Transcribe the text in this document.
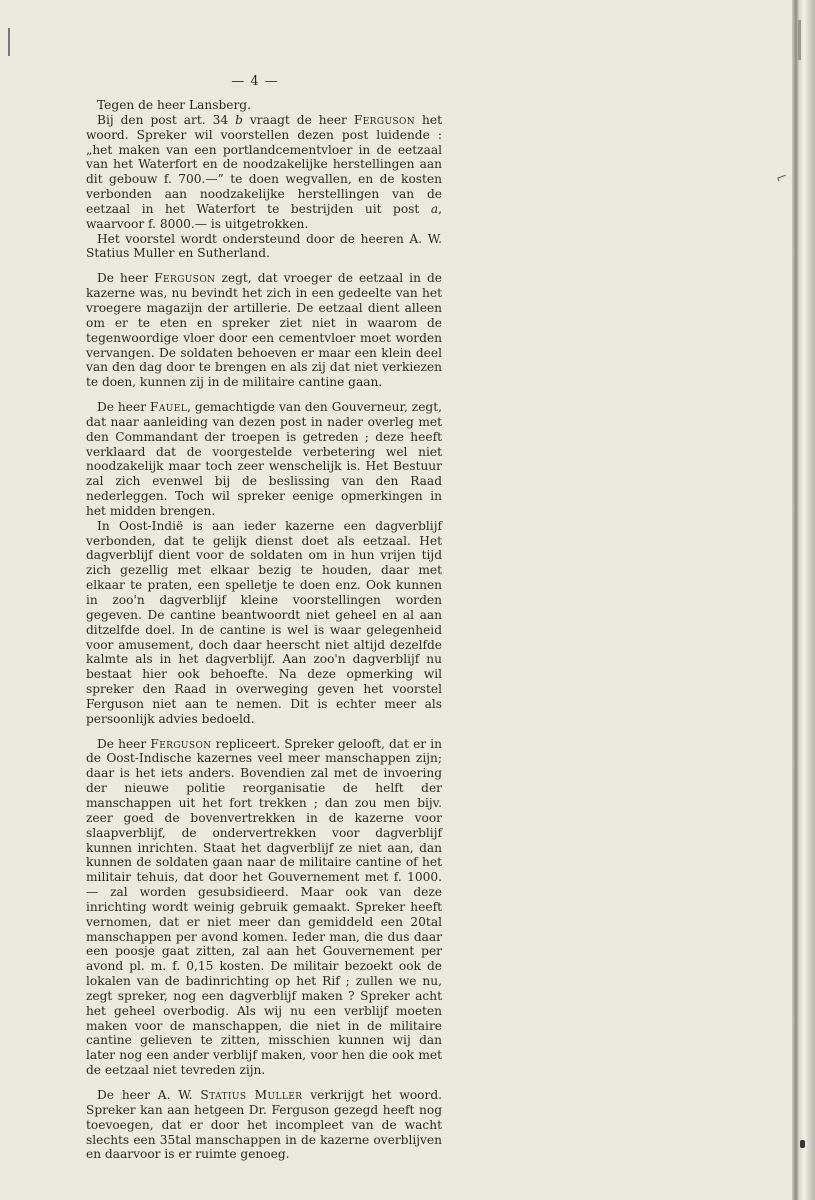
⌐
— 4 —

Tegen de heer Lansberg.

Bij den post art. 34 b vraagt de heer Ferguson het woord. Spreker wil voorstellen dezen post luidende : „het maken van een portlandcementvloer in de eetzaal van het Waterfort en de noodzakelijke herstellingen aan dit gebouw f. 700.—” te doen wegvallen, en de kosten verbonden aan noodzakelijke herstellingen van de eetzaal in het Waterfort te bestrijden uit post a, waarvoor f. 8000.— is uitgetrokken.

Het voorstel wordt ondersteund door de heeren A. W. Statius Muller en Sutherland.

De heer Ferguson zegt, dat vroeger de eetzaal in de kazerne was, nu bevindt het zich in een gedeelte van het vroegere magazijn der artillerie. De eetzaal dient alleen om er te eten en spreker ziet niet in waarom de tegenwoordige vloer door een cementvloer moet worden vervangen. De soldaten behoeven er maar een klein deel van den dag door te brengen en als zij dat niet verkiezen te doen, kunnen zij in de militaire cantine gaan.

De heer Fauel, gemachtigde van den Gouverneur, zegt, dat naar aanleiding van dezen post in nader overleg met den Commandant der troepen is getreden ; deze heeft verklaard dat de voorgestelde verbetering wel niet noodzakelijk maar toch zeer wenschelijk is. Het Bestuur zal zich evenwel bij de beslissing van den Raad nederleggen. Toch wil spreker eenige opmerkingen in het midden brengen.

In Oost-Indië is aan ieder kazerne een dagverblijf verbonden, dat te gelijk dienst doet als eetzaal. Het dagverblijf dient voor de soldaten om in hun vrijen tijd zich gezellig met elkaar bezig te houden, daar met elkaar te praten, een spelletje te doen enz. Ook kunnen in zoo'n dagverblijf kleine voorstellingen worden gegeven. De cantine beantwoordt niet geheel en al aan ditzelfde doel. In de cantine is wel is waar gelegenheid voor amusement, doch daar heerscht niet altijd dezelfde kalmte als in het dagverblijf. Aan zoo'n dagverblijf nu bestaat hier ook behoefte. Na deze opmerking wil spreker den Raad in overweging geven het voorstel Ferguson niet aan te nemen. Dit is echter meer als persoonlijk advies bedoeld.

De heer Ferguson repliceert. Spreker gelooft, dat er in de Oost-Indische kazernes veel meer manschappen zijn; daar is het iets anders. Bovendien zal met de invoering der nieuwe politie reorganisatie de helft der manschappen uit het fort trekken ; dan zou men bijv. zeer goed de bovenvertrekken in de kazerne voor slaapverblijf, de ondervertrekken voor dagverblijf kunnen inrichten. Staat het dagverblijf ze niet aan, dan kunnen de soldaten gaan naar de militaire cantine of het militair tehuis, dat door het Gouvernement met f. 1000.— zal worden gesubsidieerd. Maar ook van deze inrichting wordt weinig gebruik gemaakt. Spreker heeft vernomen, dat er niet meer dan gemiddeld een 20tal manschappen per avond komen. Ieder man, die dus daar een poosje gaat zitten, zal aan het Gouvernement per avond pl. m. f. 0,15 kosten. De militair bezoekt ook de lokalen van de badinrichting op het Rif ; zullen we nu, zegt spreker, nog een dagverblijf maken ? Spreker acht het geheel overbodig. Als wij nu een verblijf moeten maken voor de manschappen, die niet in de militaire cantine gelieven te zitten, misschien kunnen wij dan later nog een ander verblijf maken, voor hen die ook met de eetzaal niet tevreden zijn.

De heer A. W. Statius Muller verkrijgt het woord. Spreker kan aan hetgeen Dr. Ferguson gezegd heeft nog toevoegen, dat er door het incompleet van de wacht slechts een 35tal manschappen in de kazerne overblijven en daarvoor is er ruimte genoeg.
